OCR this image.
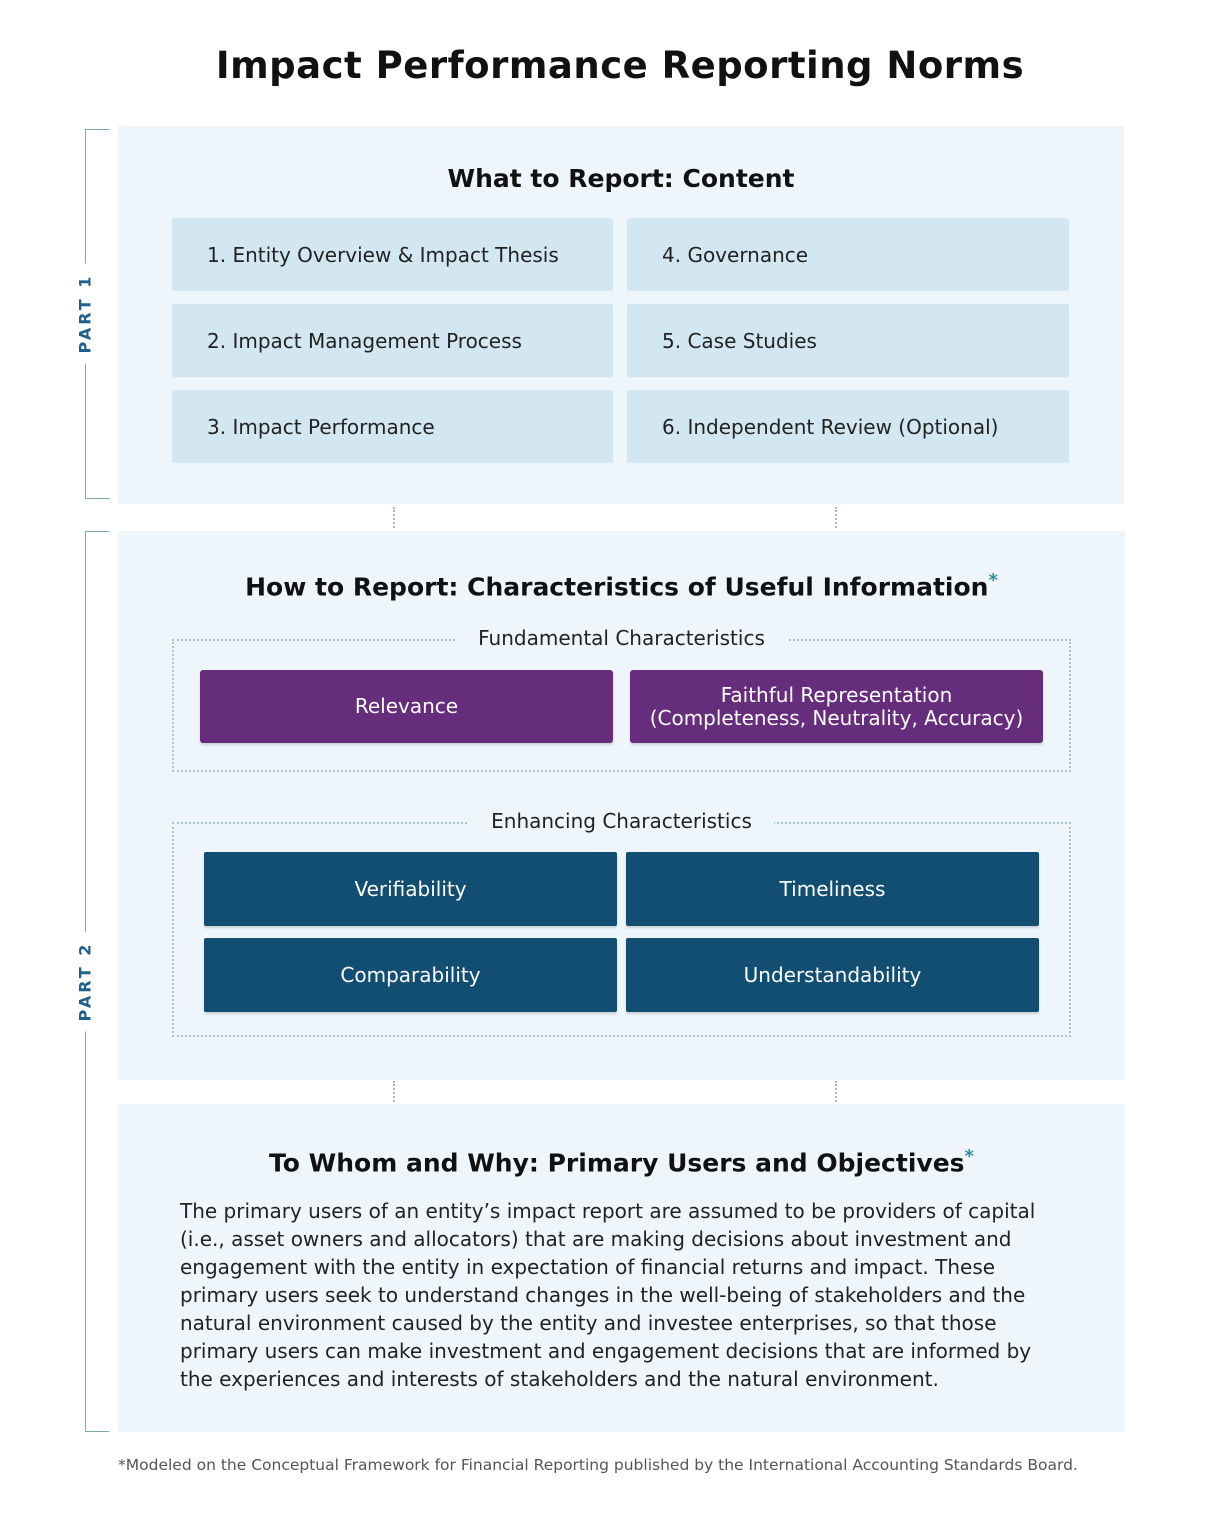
Impact Performance Reporting Norms
PART 1
PART 2
What to Report: Content
1. Entity Overview & Impact Thesis	4. Governance
2. Impact Management Process	5. Case Studies
3. Impact Performance	6. Independent Review (Optional)
How to Report: Characteristics of Useful Information*
Fundamental Characteristics
Relevance	Faithful Representation
(Completeness, Neutrality, Accuracy)
Enhancing Characteristics
Verifiability	Timeliness
Comparability	Understandability
To Whom and Why: Primary Users and Objectives*
The primary users of an entity’s impact report are assumed to be providers of capital
(i.e., asset owners and allocators) that are making decisions about investment and
engagement with the entity in expectation of financial returns and impact. These
primary users seek to understand changes in the well-being of stakeholders and the
natural environment caused by the entity and investee enterprises, so that those
primary users can make investment and engagement decisions that are informed by
the experiences and interests of stakeholders and the natural environment.
*Modeled on the Conceptual Framework for Financial Reporting published by the International Accounting Standards Board.
